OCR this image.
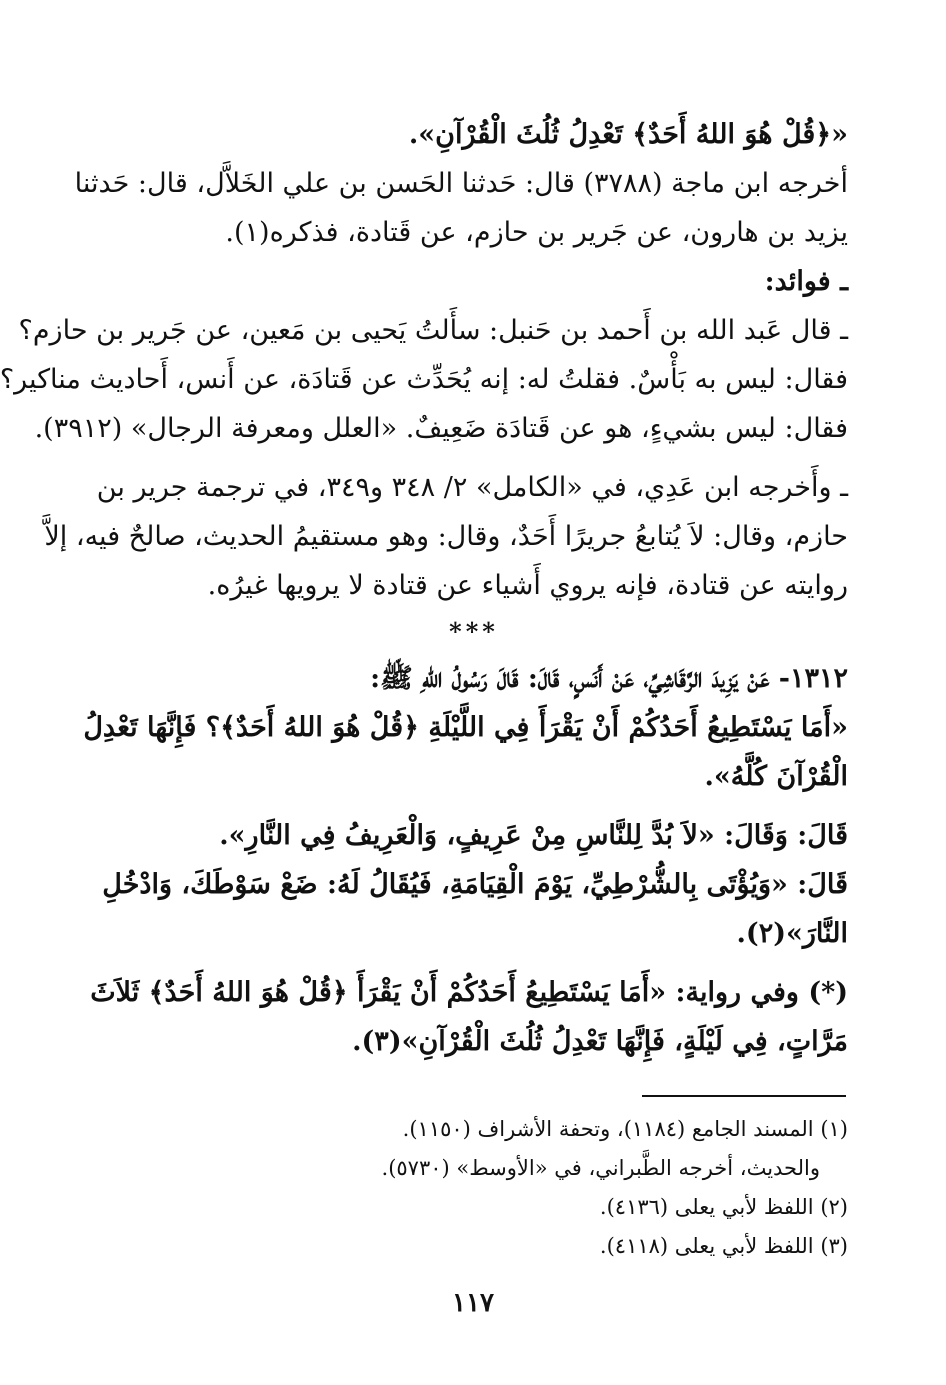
«﴿قُلْ هُوَ اللهُ أَحَدٌ﴾ تَعْدِلُ ثُلُثَ الْقُرْآنِ».
أخرجه ابن ماجة (٣٧٨٨) قال: حَدثنا الحَسن بن علي الخَلاَّل، قال: حَدثنا
يزيد بن هارون، عن جَرير بن حازم، عن قَتادة، فذكره(١).
ـ فوائد:
ـ قال عَبد الله بن أَحمد بن حَنبل: سأَلتُ يَحيى بن مَعين، عن جَرير بن حازم؟
فقال: ليس به بَأْسٌ. فقلتُ له: إنه يُحَدِّث عن قَتادَة، عن أَنس، أَحاديث مناكير؟
فقال: ليس بشيءٍ، هو عن قَتادَة ضَعِيفٌ. «العلل ومعرفة الرجال» (٣٩١٢).
ـ وأَخرجه ابن عَدِي، في «الكامل» ٢/ ٣٤٨ و٣٤٩، في ترجمة جرير بن
حازم، وقال: لاَ يُتابعُ جريرًا أَحَدٌ، وقال: وهو مستقيمُ الحديث، صالحٌ فيه، إلاَّ
روايته عن قتادة، فإنه يروي أَشياء عن قتادة لا يرويها غيرُه.
***
١٣١٢- عَنْ يَزِيدَ الرَّقَاشِيِّ، عَنْ أَنَسٍ، قَالَ: قَالَ رَسُولُ اللهِ ﷺ:
«أَمَا يَسْتَطِيعُ أَحَدُكُمْ أَنْ يَقْرَأَ فِي اللَّيْلَةِ ﴿قُلْ هُوَ اللهُ أَحَدٌ﴾؟ فَإِنَّهَا تَعْدِلُ
الْقُرْآنَ كُلَّهُ».
قَالَ: وَقَالَ: «لاَ بُدَّ لِلنَّاسِ مِنْ عَرِيفٍ، وَالْعَرِيفُ فِي النَّارِ».
قَالَ: «وَيُؤْتَى بِالشُّرْطِيِّ، يَوْمَ الْقِيَامَةِ، فَيُقَالُ لَهُ: ضَعْ سَوْطَكَ، وَادْخُلِ
النَّارَ»(٢).
(*) وفي رواية: «أَمَا يَسْتَطِيعُ أَحَدُكُمْ أَنْ يَقْرَأَ ﴿قُلْ هُوَ اللهُ أَحَدٌ﴾ ثَلاَثَ
مَرَّاتٍ، فِي لَيْلَةٍ، فَإِنَّهَا تَعْدِلُ ثُلُثَ الْقُرْآنِ»(٣).
(١) المسند الجامع (١١٨٤)، وتحفة الأشراف (١١٥٠).
والحديث، أخرجه الطَّبراني، في «الأوسط» (٥٧٣٠).
(٢) اللفظ لأبي يعلى (٤١٣٦).
(٣) اللفظ لأبي يعلى (٤١١٨).
١١٧
